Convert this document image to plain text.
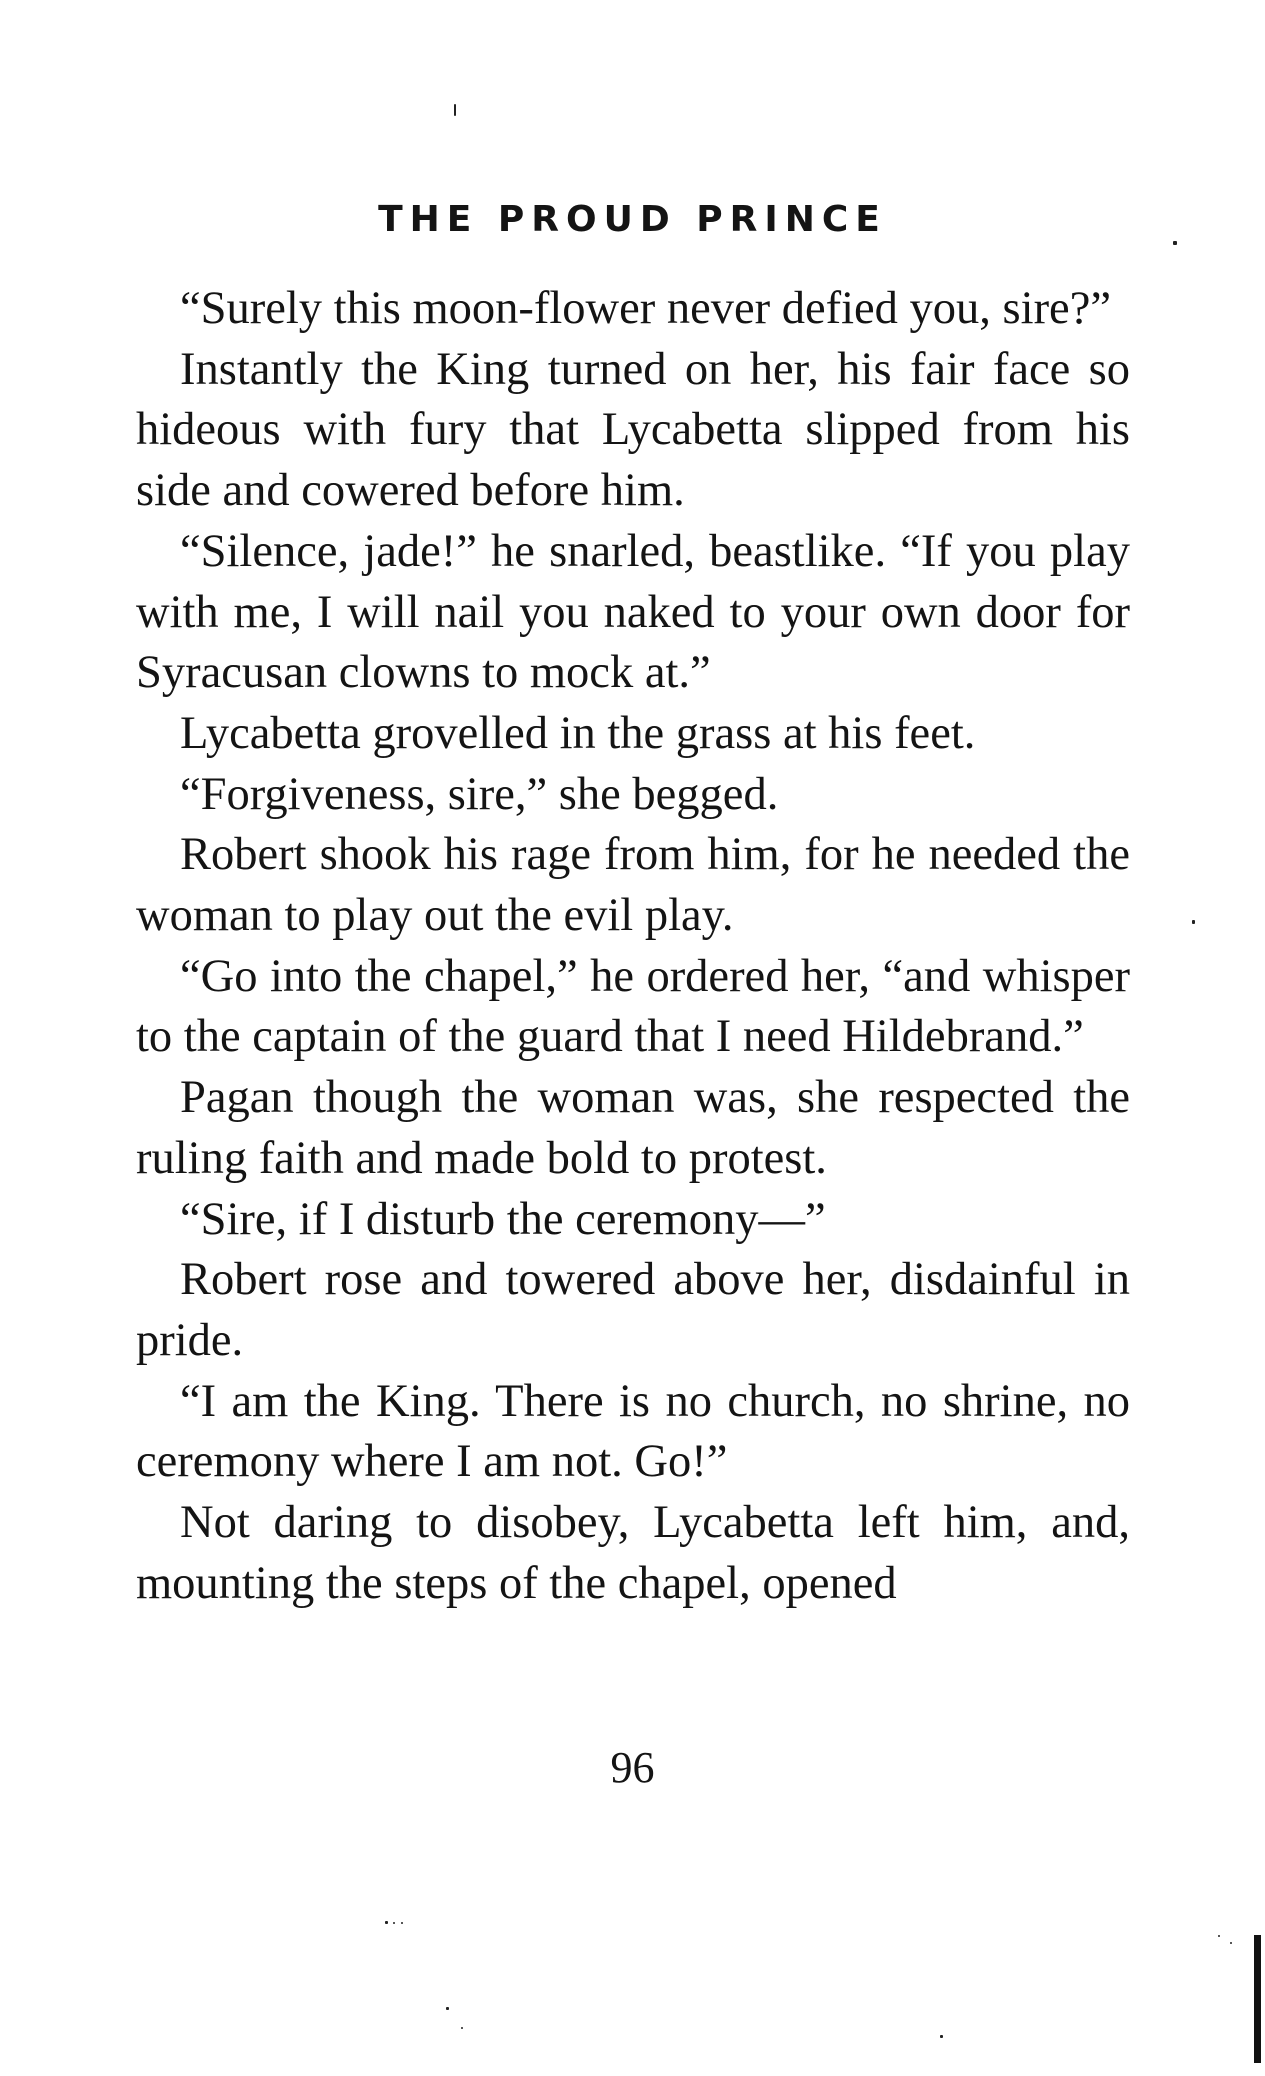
THE PROUD PRINCE

“Surely this moon-flower never defied you, sire?”

Instantly the King turned on her, his fair face so hideous with fury that Lycabetta slipped from his side and cowered before him.

“Silence, jade!” he snarled, beastlike. “If you play with me, I will nail you naked to your own door for Syracusan clowns to mock at.”

Lycabetta grovelled in the grass at his feet.

“Forgiveness, sire,” she begged.

Robert shook his rage from him, for he needed the woman to play out the evil play.

“Go into the chapel,” he ordered her, “and whisper to the captain of the guard that I need Hildebrand.”

Pagan though the woman was, she respected the ruling faith and made bold to protest.

“Sire, if I disturb the ceremony—”

Robert rose and towered above her, disdainful in pride.

“I am the King. There is no church, no shrine, no ceremony where I am not. Go!”

Not daring to disobey, Lycabetta left him, and, mounting the steps of the chapel, opened

96
